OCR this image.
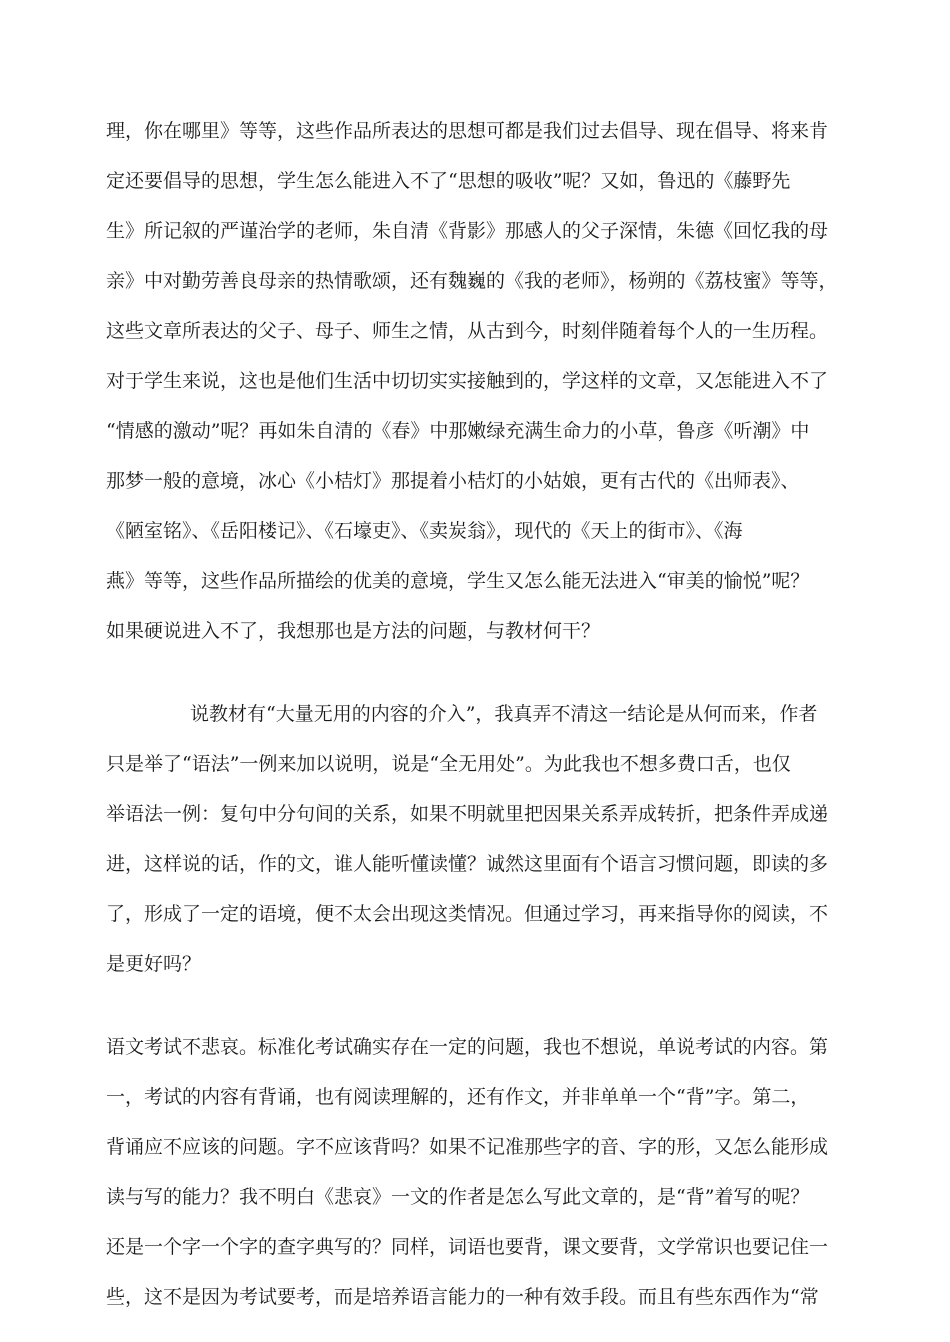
理，你在哪里》等等，这些作品所表达的思想可都是我们过去倡导、现在倡导、将来肯
定还要倡导的思想，学生怎么能进入不了“思想的吸收”呢？又如，鲁迅的《藤野先
生》所记叙的严谨治学的老师，朱自清《背影》那感人的父子深情，朱德《回忆我的母
亲》中对勤劳善良母亲的热情歌颂，还有魏巍的《我的老师》，杨朔的《荔枝蜜》等等，
这些文章所表达的父子、母子、师生之情，从古到今，时刻伴随着每个人的一生历程。
对于学生来说，这也是他们生活中切切实实接触到的，学这样的文章，又怎能进入不了
“情感的激动”呢？再如朱自清的《春》中那嫩绿充满生命力的小草，鲁彦《听潮》中
那梦一般的意境，冰心《小桔灯》那提着小桔灯的小姑娘，更有古代的《出师表》、
《陋室铭》、《岳阳楼记》、《石壕吏》、《卖炭翁》，现代的《天上的街市》、《海
燕》等等，这些作品所描绘的优美的意境，学生又怎么能无法进入“审美的愉悦”呢？
如果硬说进入不了，我想那也是方法的问题，与教材何干？
说教材有“大量无用的内容的介入”，我真弄不清这一结论是从何而来，作者
只是举了“语法”一例来加以说明，说是“全无用处”。为此我也不想多费口舌，也仅
举语法一例：复句中分句间的关系，如果不明就里把因果关系弄成转折，把条件弄成递
进，这样说的话，作的文，谁人能听懂读懂？诚然这里面有个语言习惯问题，即读的多
了，形成了一定的语境，便不太会出现这类情况。但通过学习，再来指导你的阅读，不
是更好吗？
语文考试不悲哀。标准化考试确实存在一定的问题，我也不想说，单说考试的内容。第
一，考试的内容有背诵，也有阅读理解的，还有作文，并非单单一个“背”字。第二，
背诵应不应该的问题。字不应该背吗？如果不记准那些字的音、字的形，又怎么能形成
读与写的能力？我不明白《悲哀》一文的作者是怎么写此文章的，是“背”着写的呢？
还是一个字一个字的查字典写的？同样，词语也要背，课文要背，文学常识也要记住一
些，这不是因为考试要考，而是培养语言能力的一种有效手段。而且有些东西作为“常
